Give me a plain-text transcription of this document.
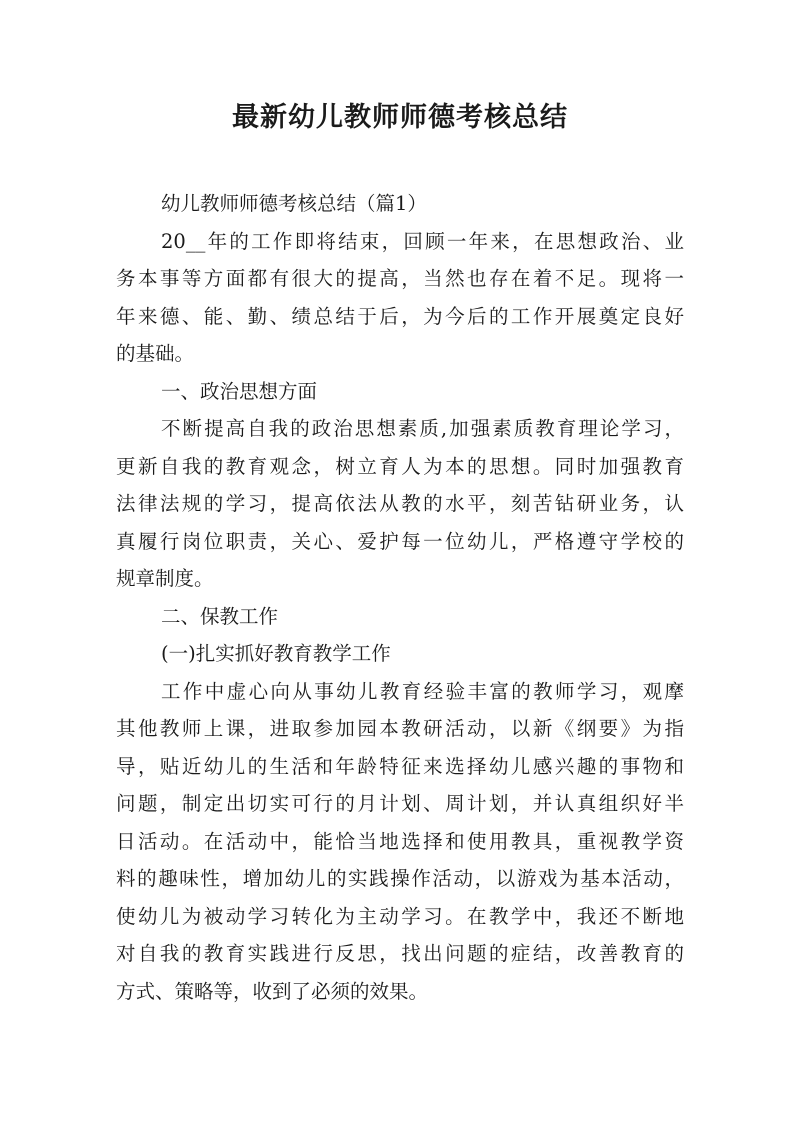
最新幼儿教师师德考核总结
幼儿教师师德考核总结（篇1）
20__年的工作即将结束，回顾一年来，在思想政治、业
务本事等方面都有很大的提高，当然也存在着不足。现将一
年来德、能、勤、绩总结于后，为今后的工作开展奠定良好
的基础。
一、政治思想方面
不断提高自我的政治思想素质,加强素质教育理论学习，
更新自我的教育观念，树立育人为本的思想。同时加强教育
法律法规的学习，提高依法从教的水平，刻苦钻研业务，认
真履行岗位职责，关心、爱护每一位幼儿，严格遵守学校的
规章制度。
二、保教工作
(一)扎实抓好教育教学工作
工作中虚心向从事幼儿教育经验丰富的教师学习，观摩
其他教师上课，进取参加园本教研活动，以新《纲要》为指
导，贴近幼儿的生活和年龄特征来选择幼儿感兴趣的事物和
问题，制定出切实可行的月计划、周计划，并认真组织好半
日活动。在活动中，能恰当地选择和使用教具，重视教学资
料的趣味性，增加幼儿的实践操作活动，以游戏为基本活动，
使幼儿为被动学习转化为主动学习。在教学中，我还不断地
对自我的教育实践进行反思，找出问题的症结，改善教育的
方式、策略等，收到了必须的效果。
